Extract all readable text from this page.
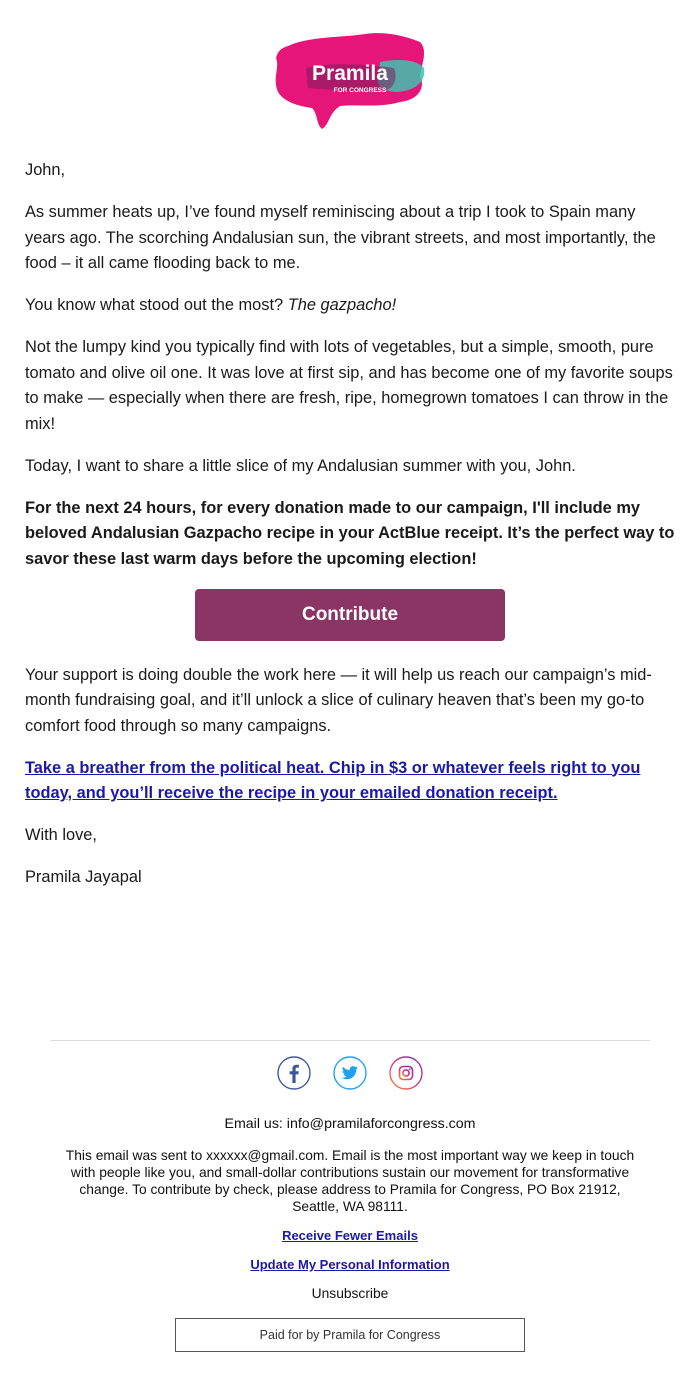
Pramila
FOR CONGRESS

John,

As summer heats up, I’ve found myself reminiscing about a trip I took to Spain many years ago. The scorching Andalusian sun, the vibrant streets, and most importantly, the food – it all came flooding back to me.

You know what stood out the most? The gazpacho!

Not the lumpy kind you typically find with lots of vegetables, but a simple, smooth, pure tomato and olive oil one. It was love at first sip, and has become one of my favorite soups to make — especially when there are fresh, ripe, homegrown tomatoes I can throw in the mix!

Today, I want to share a little slice of my Andalusian summer with you, John.

For the next 24 hours, for every donation made to our campaign, I'll include my beloved Andalusian Gazpacho recipe in your ActBlue receipt. It’s the perfect way to savor these last warm days before the upcoming election!

Contribute

Your support is doing double the work here — it will help us reach our campaign’s mid-month fundraising goal, and it’ll unlock a slice of culinary heaven that’s been my go-to comfort food through so many campaigns.

Take a breather from the political heat. Chip in $3 or whatever feels right to you today, and you’ll receive the recipe in your emailed donation receipt.

With love,

Pramila Jayapal

Email us: info@pramilaforcongress.com

This email was sent to xxxxxx@gmail.com. Email is the most important way we keep in touch with people like you, and small-dollar contributions sustain our movement for transformative change. To contribute by check, please address to Pramila for Congress, PO Box 21912, Seattle, WA 98111.

Receive Fewer Emails

Update My Personal Information

Unsubscribe

Paid for by Pramila for Congress
